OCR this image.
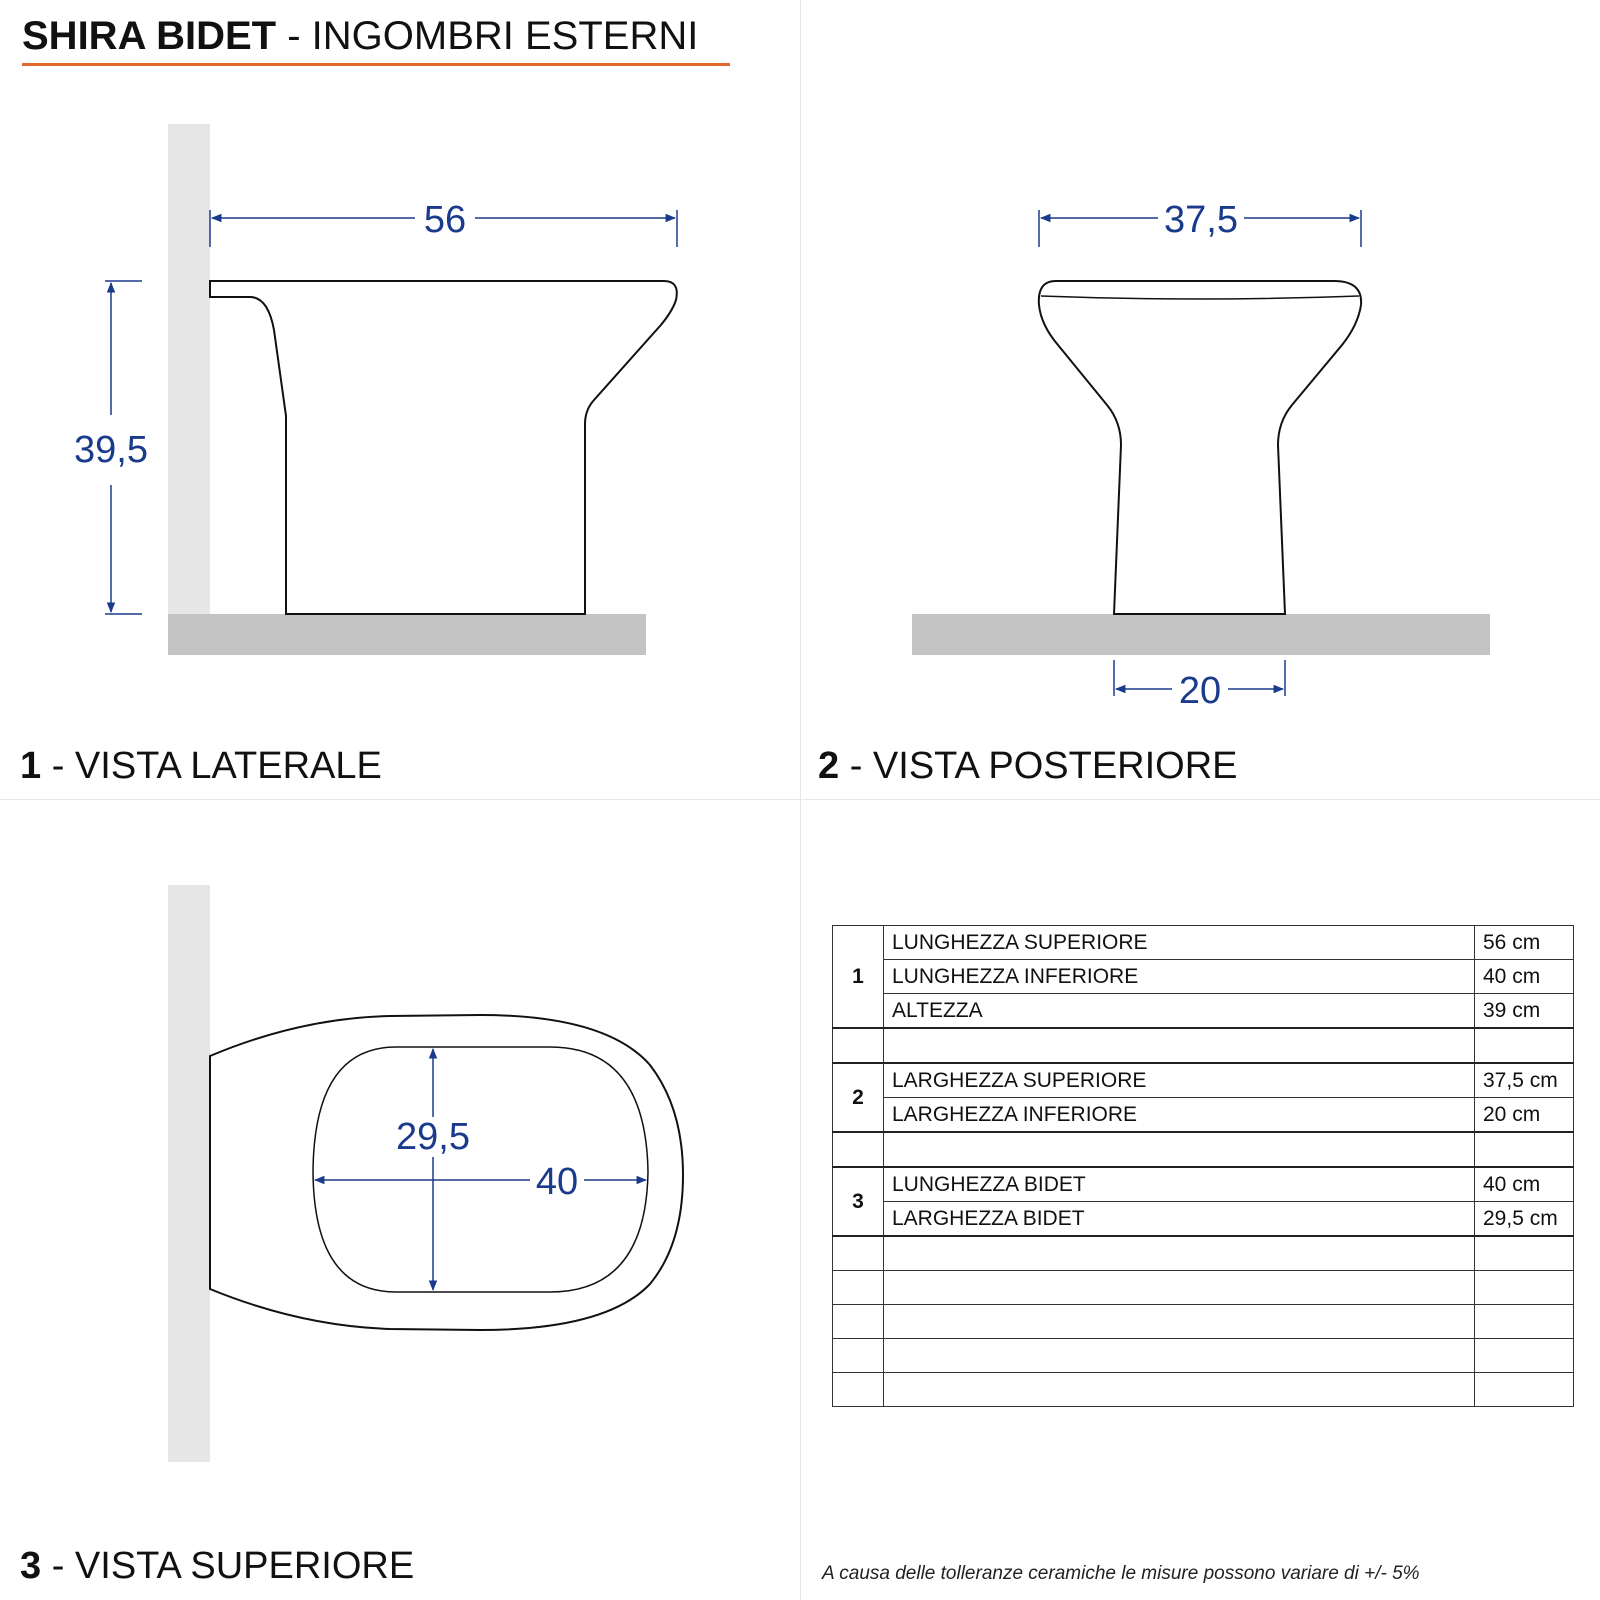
SHIRA BIDET - INGOMBRI ESTERNI
56
39,5
37,5
20
29,5
40
1 - VISTA LATERALE	2 - VISTA POSTERIORE
3 - VISTA SUPERIORE
1	LUNGHEZZA SUPERIORE	56 cm
	LUNGHEZZA INFERIORE	40 cm
	ALTEZZA	39 cm

2	LARGHEZZA SUPERIORE	37,5 cm
	LARGHEZZA INFERIORE	20 cm

3	LUNGHEZZA BIDET	40 cm
	LARGHEZZA BIDET	29,5 cm

A causa delle tolleranze ceramiche le misure possono variare di +/- 5%
